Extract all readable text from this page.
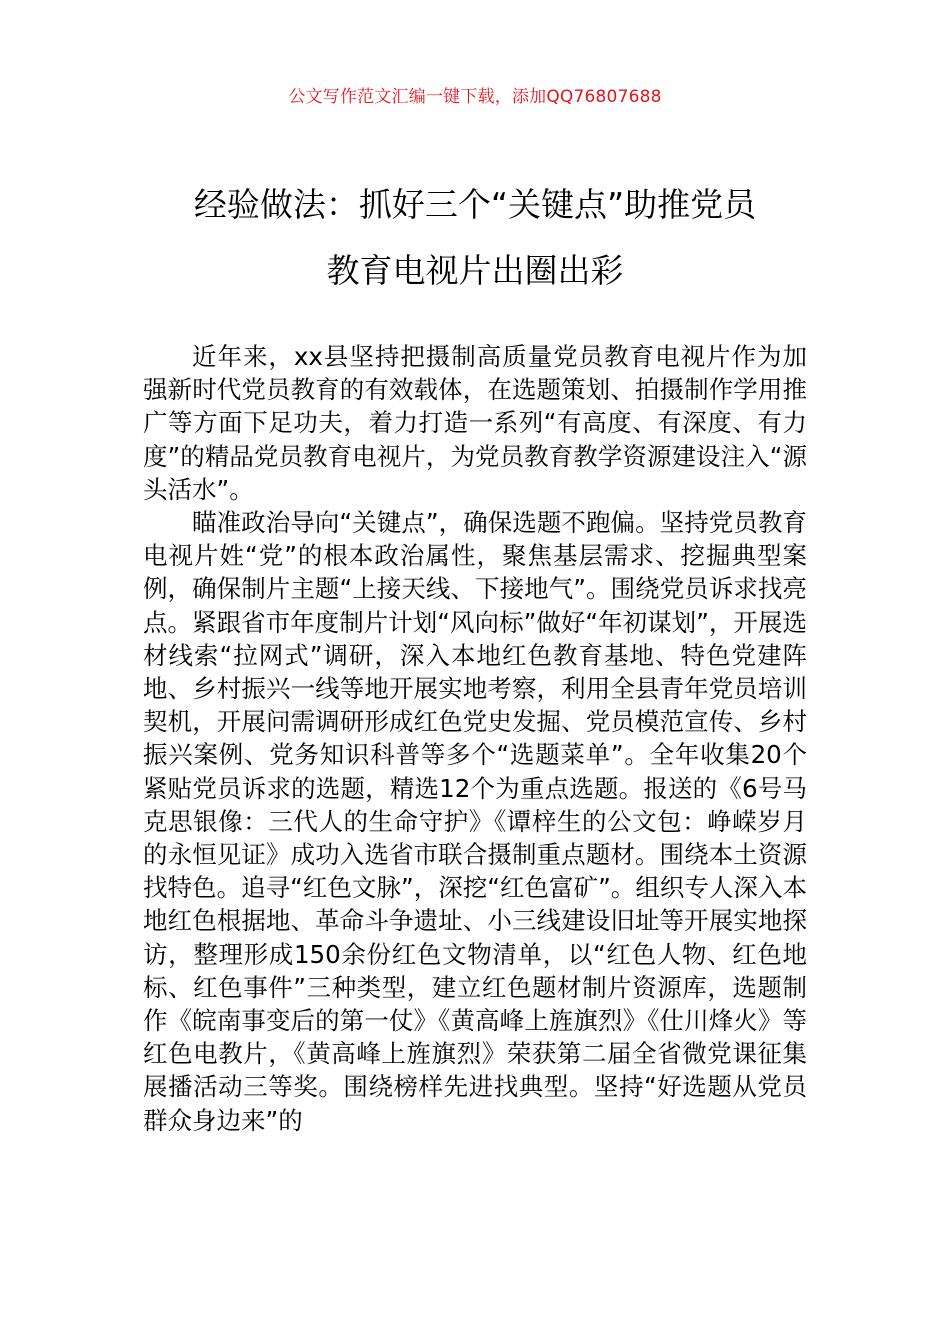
公文写作范文汇编一键下载，添加QQ76807688
经验做法：抓好三个“关键点”助推党员
教育电视片出圈出彩

近年来，xx县坚持把摄制高质量党员教育电视片作为加强新时代党员教育的有效载体，在选题策划、拍摄制作学用推广等方面下足功夫，着力打造一系列“有高度、有深度、有力度”的精品党员教育电视片，为党员教育教学资源建设注入“源头活水”。

瞄准政治导向“关键点”，确保选题不跑偏。坚持党员教育电视片姓“党”的根本政治属性，聚焦基层需求、挖掘典型案例，确保制片主题“上接天线、下接地气”。围绕党员诉求找亮点。紧跟省市年度制片计划“风向标”做好“年初谋划”，开展选材线索“拉网式”调研，深入本地红色教育基地、特色党建阵地、乡村振兴一线等地开展实地考察，利用全县青年党员培训契机，开展问需调研形成红色党史发掘、党员模范宣传、乡村振兴案例、党务知识科普等多个“选题菜单”。全年收集20个紧贴党员诉求的选题，精选12个为重点选题。报送的《6号马克思银像：三代人的生命守护》《谭梓生的公文包：峥嵘岁月的永恒见证》成功入选省市联合摄制重点题材。围绕本土资源找特色。追寻“红色文脉”，深挖“红色富矿”。组织专人深入本地红色根据地、革命斗争遗址、小三线建设旧址等开展实地探访，整理形成150余份红色文物清单，以“红色人物、红色地标、红色事件”三种类型，建立红色题材制片资源库，选题制作《皖南事变后的第一仗》《黄高峰上旌旗烈》《仕川烽火》等红色电教片，《黄高峰上旌旗烈》荣获第二届全省微党课征集展播活动三等奖。围绕榜样先进找典型。坚持“好选题从党员群众身边来”的
